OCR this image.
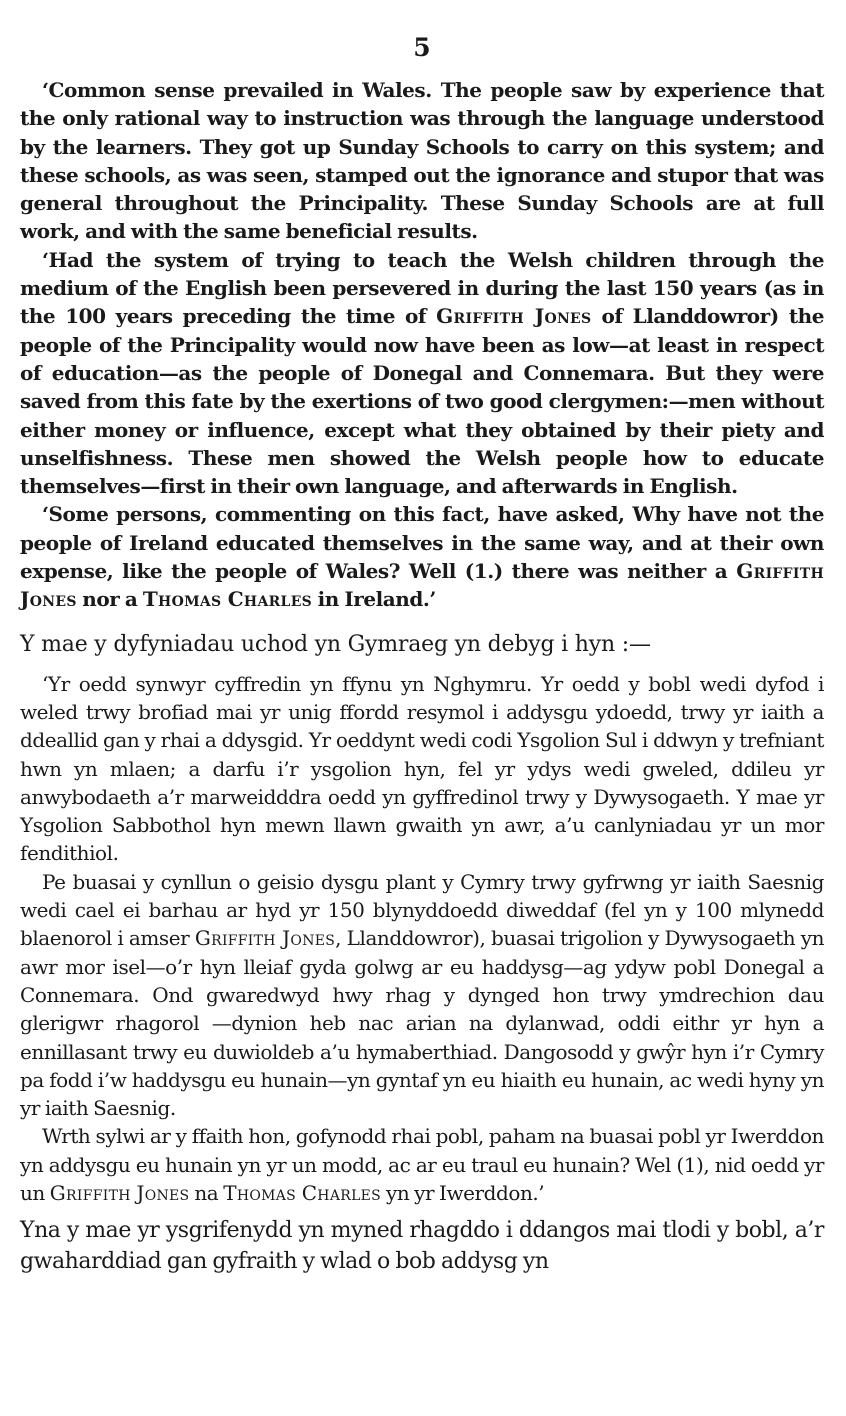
5

‘Common sense prevailed in Wales. The people saw by experience that the only rational way to instruction was through the language understood by the learners. They got up Sunday Schools to carry on this system; and these schools, as was seen, stamped out the ignorance and stupor that was general throughout the Principality. These Sunday Schools are at full work, and with the same beneficial results.

‘Had the system of trying to teach the Welsh children through the medium of the English been persevered in during the last 150 years (as in the 100 years preceding the time of Griffith Jones of Llanddowror) the people of the Principality would now have been as low—at least in respect of education—as the people of Donegal and Connemara. But they were saved from this fate by the exertions of two good clergymen:—men without either money or influence, except what they obtained by their piety and unselfishness. These men showed the Welsh people how to educate themselves—first in their own language, and afterwards in English.

‘Some persons, commenting on this fact, have asked, Why have not the people of Ireland educated themselves in the same way, and at their own expense, like the people of Wales? Well (1.) there was neither a Griffith Jones nor a Thomas Charles in Ireland.’

Y mae y dyfyniadau uchod yn Gymraeg yn debyg i hyn :—

‘Yr oedd synwyr cyffredin yn ffynu yn Nghymru. Yr oedd y bobl wedi dyfod i weled trwy brofiad mai yr unig ffordd resymol i addysgu ydoedd, trwy yr iaith a ddeallid gan y rhai a ddysgid. Yr oeddynt wedi codi Ysgolion Sul i ddwyn y trefniant hwn yn mlaen; a darfu i’r ysgolion hyn, fel yr ydys wedi gweled, ddileu yr anwybodaeth a’r marweidddra oedd yn gyffredinol trwy y Dywysogaeth. Y mae yr Ysgolion Sabbothol hyn mewn llawn gwaith yn awr, a’u canlyniadau yr un mor fendithiol.

Pe buasai y cynllun o geisio dysgu plant y Cymry trwy gyfrwng yr iaith Saesnig wedi cael ei barhau ar hyd yr 150 blynyddoedd diweddaf (fel yn y 100 mlynedd blaenorol i amser Griffith Jones, Llanddowror), buasai trigolion y Dywysogaeth yn awr mor isel—o’r hyn lleiaf gyda golwg ar eu haddysg—ag ydyw pobl Donegal a Connemara. Ond gwaredwyd hwy rhag y dynged hon trwy ymdrechion dau glerigwr rhagorol —dynion heb nac arian na dylanwad, oddi eithr yr hyn a ennillasant trwy eu duwioldeb a’u hymaberthiad. Dangosodd y gwŷr hyn i’r Cymry pa fodd i’w haddysgu eu hunain—yn gyntaf yn eu hiaith eu hunain, ac wedi hyny yn yr iaith Saesnig.

Wrth sylwi ar y ffaith hon, gofynodd rhai pobl, paham na buasai pobl yr Iwerddon yn addysgu eu hunain yn yr un modd, ac ar eu traul eu hunain? Wel (1), nid oedd yr un Griffith Jones na Thomas Charles yn yr Iwerddon.’

Yna y mae yr ysgrifenydd yn myned rhagddo i ddangos mai tlodi y bobl, a’r gwaharddiad gan gyfraith y wlad o bob addysg yn
